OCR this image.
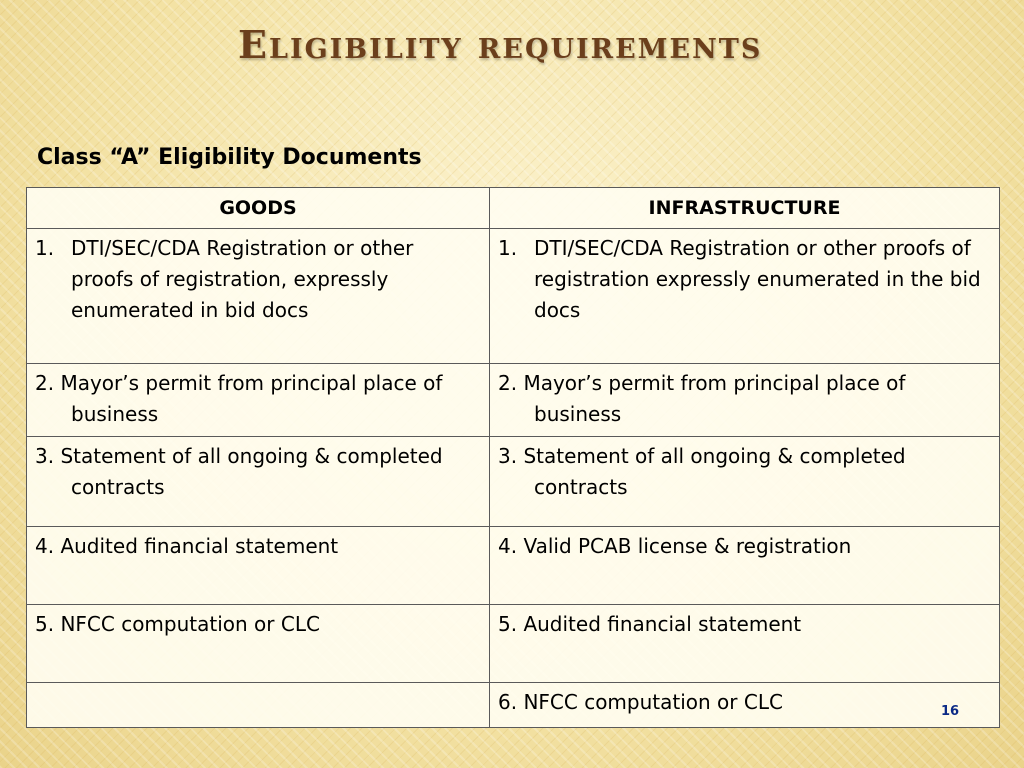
Eligibility requirements
Class “A” Eligibility Documents
GOODS	INFRASTRUCTURE

1. DTI/SEC/CDA Registration or other proofs of registration, expressly enumerated in bid docs	1. DTI/SEC/CDA Registration or other proofs of registration expressly enumerated in the bid docs

2. Mayor’s permit from principal place of business	2. Mayor’s permit from principal place of business

3. Statement of all ongoing & completed contracts	3. Statement of all ongoing & completed contracts

4. Audited financial statement	4. Valid PCAB license & registration

5. NFCC computation or CLC	5. Audited financial statement

	6. NFCC computation or CLC	16
